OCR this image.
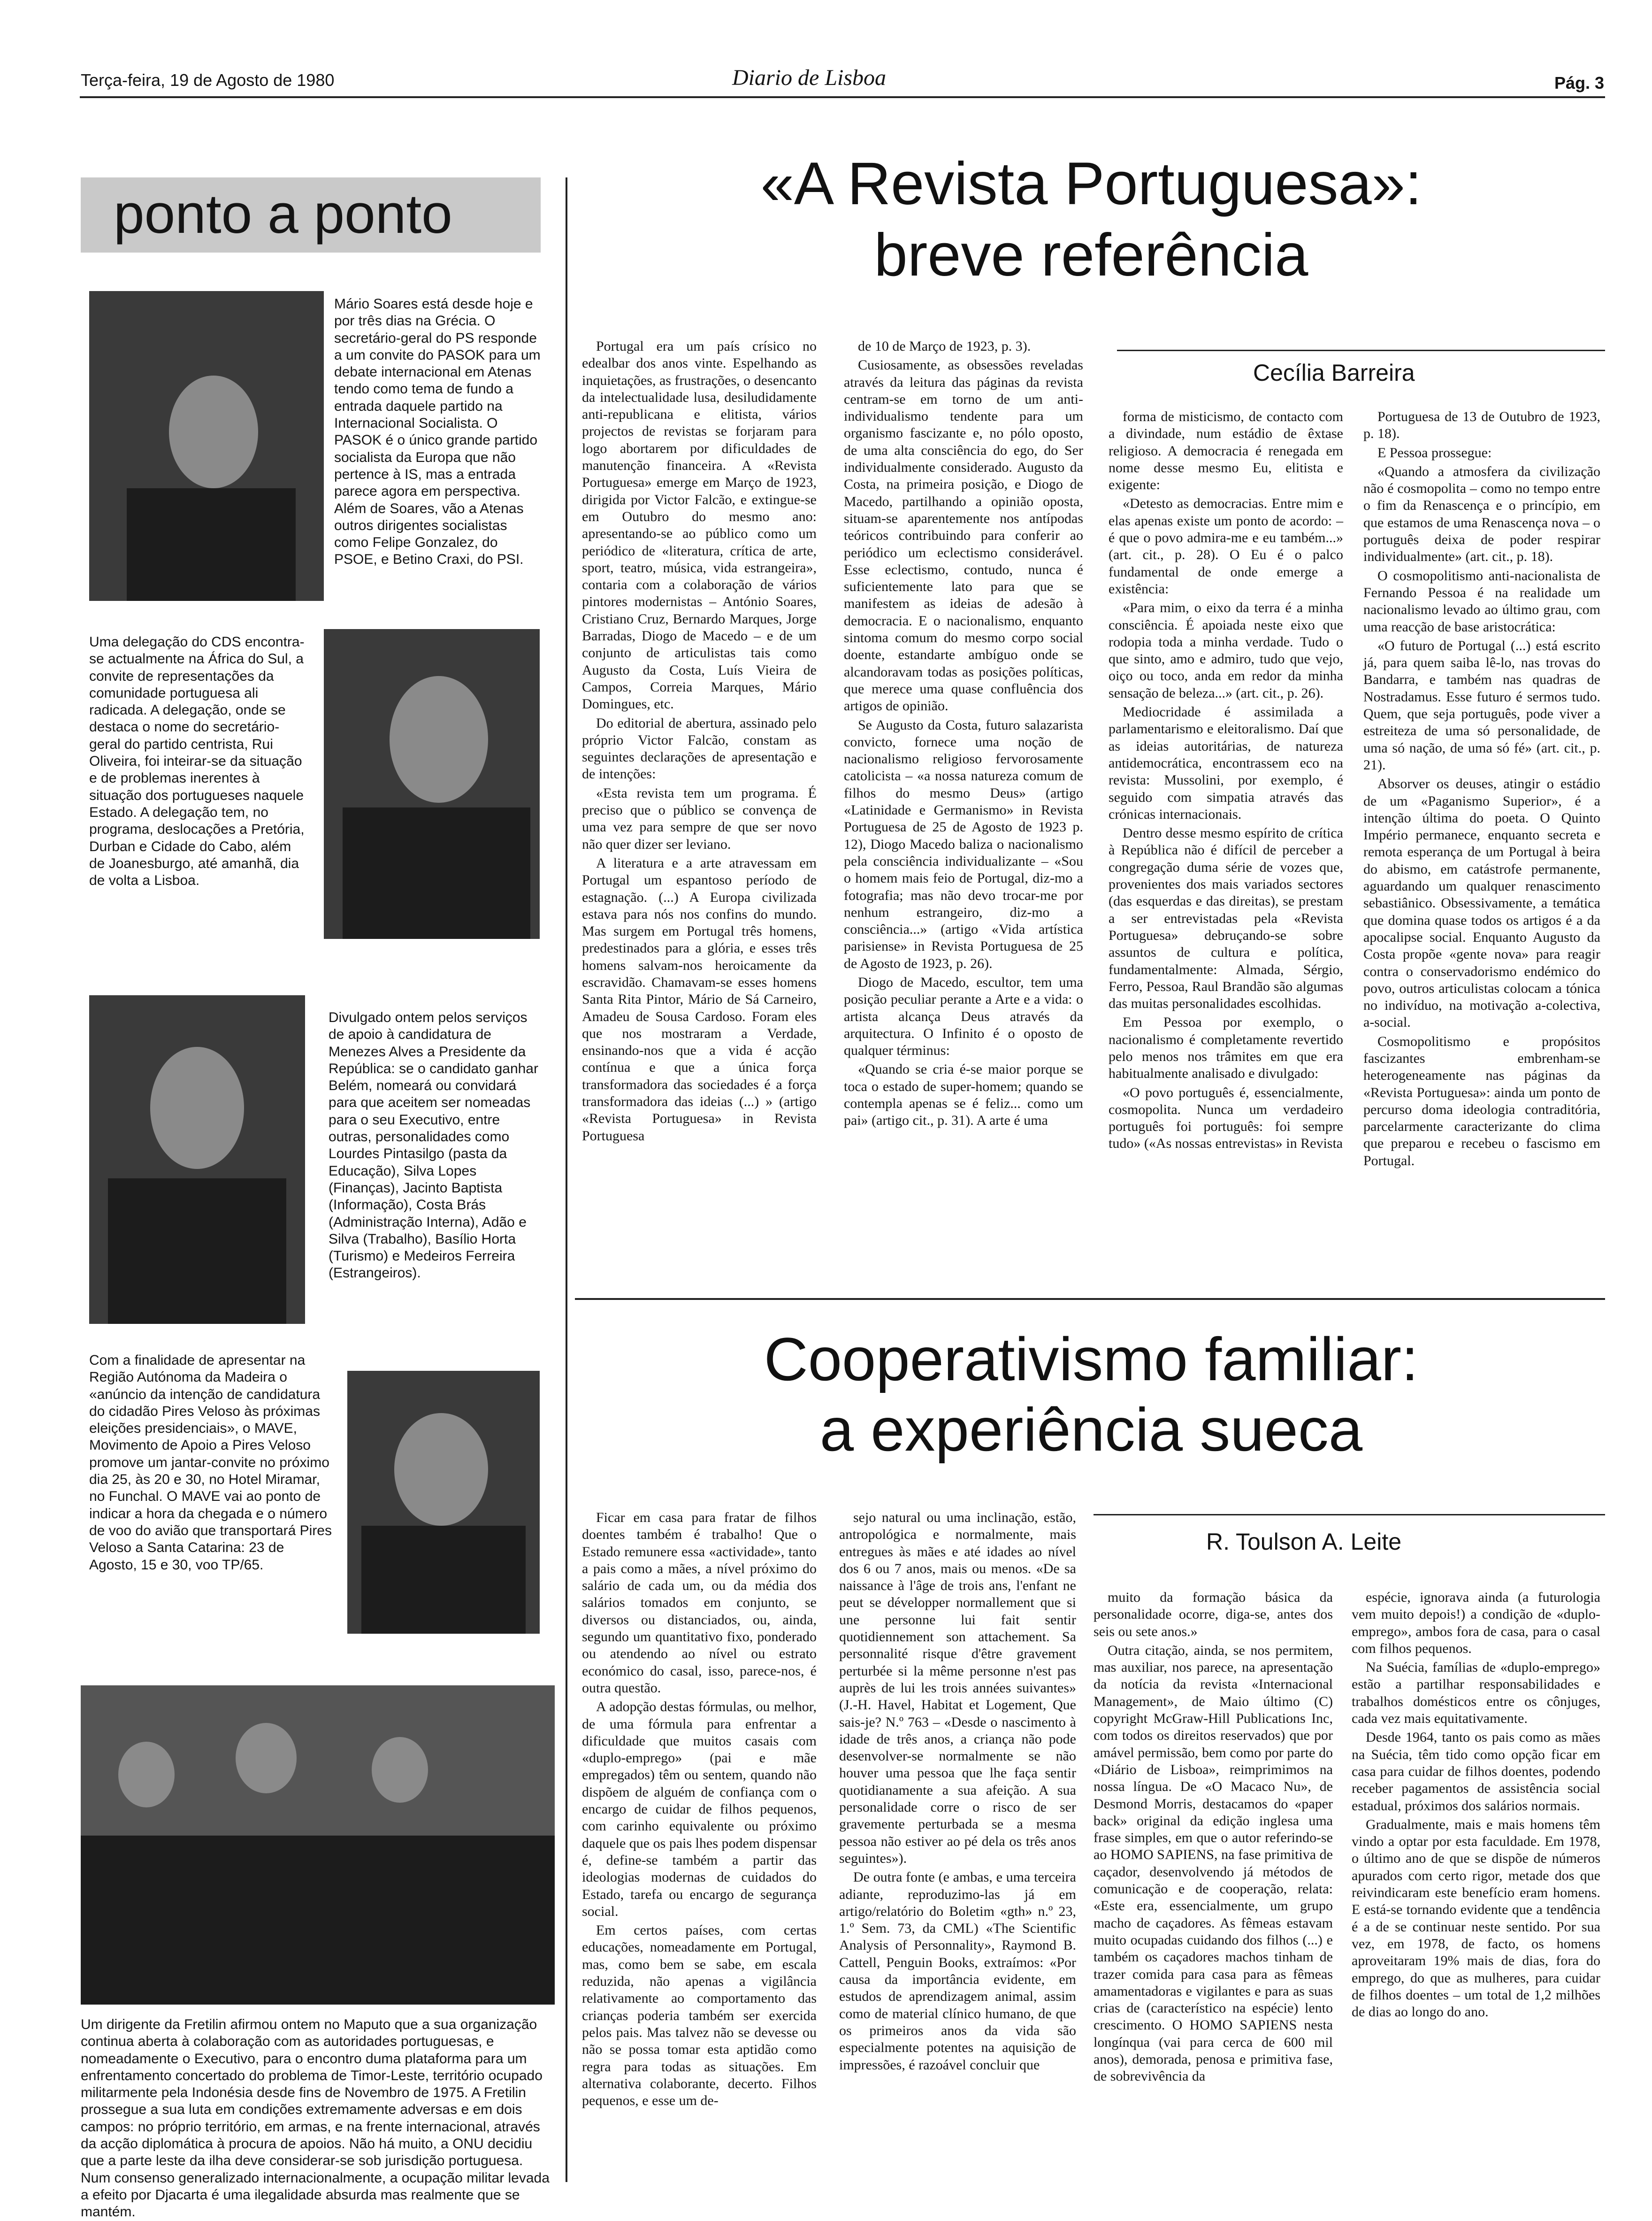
Terça-feira, 19 de Agosto de 1980	Diario de Lisboa	Pág. 3
ponto a ponto
Mário Soares está desde hoje e por três dias na Grécia. O secretário-geral do PS responde a um convite do PASOK para um debate internacional em Atenas tendo como tema de fundo a entrada daquele partido na Internacional Socialista. O PASOK é o único grande partido socialista da Europa que não pertence à IS, mas a entrada parece agora em perspectiva. Além de Soares, vão a Atenas outros dirigentes socialistas como Felipe Gonzalez, do PSOE, e Betino Craxi, do PSI.
Uma delegação do CDS encontra-se actualmente na África do Sul, a convite de representações da comunidade portuguesa ali radicada. A delegação, onde se destaca o nome do secretário-geral do partido centrista, Rui Oliveira, foi inteirar-se da situação e de problemas inerentes à situação dos portugueses naquele Estado. A delegação tem, no programa, deslocações a Pretória, Durban e Cidade do Cabo, além de Joanesburgo, até amanhã, dia de volta a Lisboa.
Divulgado ontem pelos serviços de apoio à candidatura de Menezes Alves a Presidente da República: se o candidato ganhar Belém, nomeará ou convidará para que aceitem ser nomeadas para o seu Executivo, entre outras, personalidades como Lourdes Pintasilgo (pasta da Educação), Silva Lopes (Finanças), Jacinto Baptista (Informação), Costa Brás (Administração Interna), Adão e Silva (Trabalho), Basílio Horta (Turismo) e Medeiros Ferreira (Estrangeiros).
Com a finalidade de apresentar na Região Autónoma da Madeira o «anúncio da intenção de candidatura do cidadão Pires Veloso às próximas eleições presidenciais», o MAVE, Movimento de Apoio a Pires Veloso promove um jantar-convite no próximo dia 25, às 20 e 30, no Hotel Miramar, no Funchal. O MAVE vai ao ponto de indicar a hora da chegada e o número de voo do avião que transportará Pires Veloso a Santa Catarina: 23 de Agosto, 15 e 30, voo TP/65.
Um dirigente da Fretilin afirmou ontem no Maputo que a sua organização continua aberta à colaboração com as autoridades portuguesas, e nomeadamente o Executivo, para o encontro duma plataforma para um enfrentamento concertado do problema de Timor-Leste, território ocupado militarmente pela Indonésia desde fins de Novembro de 1975. A Fretilin prossegue a sua luta em condições extremamente adversas e em dois campos: no próprio território, em armas, e na frente internacional, através da acção diplomática à procura de apoios. Não há muito, a ONU decidiu que a parte leste da ilha deve considerar-se sob jurisdição portuguesa. Num consenso generalizado internacionalmente, a ocupação militar levada a efeito por Djacarta é uma ilegalidade absurda mas realmente que se mantém.
«A Revista Portuguesa»:
breve referência
Cecília Barreira

Portugal era um país crísico no edealbar dos anos vinte. Espelhando as inquietações, as frustrações, o desencanto da intelectualidade lusa, desiludidamente anti-republicana e elitista, vários projectos de revistas se forjaram para logo abortarem por dificuldades de manutenção financeira. A «Revista Portuguesa» emerge em Março de 1923, dirigida por Victor Falcão, e extingue-se em Outubro do mesmo ano: apresentando-se ao público como um periódico de «literatura, crítica de arte, sport, teatro, música, vida estrangeira», contaria com a colaboração de vários pintores modernistas – António Soares, Cristiano Cruz, Bernardo Marques, Jorge Barradas, Diogo de Macedo – e de um conjunto de articulistas tais como Augusto da Costa, Luís Vieira de Campos, Correia Marques, Mário Domingues, etc.

Do editorial de abertura, assinado pelo próprio Victor Falcão, constam as seguintes declarações de apresentação e de intenções:

«Esta revista tem um programa. É preciso que o público se convença de uma vez para sempre de que ser novo não quer dizer ser leviano.

A literatura e a arte atravessam em Portugal um espantoso período de estagnação. (...) A Europa civilizada estava para nós nos confins do mundo. Mas surgem em Portugal três homens, predestinados para a glória, e esses três homens salvam-nos heroicamente da escravidão. Chamavam-se esses homens Santa Rita Pintor, Mário de Sá Carneiro, Amadeu de Sousa Cardoso. Foram eles que nos mostraram a Verdade, ensinando-nos que a vida é acção contínua e que a única força transformadora das sociedades é a força transformadora das ideias (...) » (artigo «Revista Portuguesa» in Revista Portuguesa

de 10 de Março de 1923, p. 3).

Cusiosamente, as obsessões reveladas através da leitura das páginas da revista centram-se em torno de um anti-individualismo tendente para um organismo fascizante e, no pólo oposto, de uma alta consciência do ego, do Ser individualmente considerado. Augusto da Costa, na primeira posição, e Diogo de Macedo, partilhando a opinião oposta, situam-se aparentemente nos antípodas teóricos contribuindo para conferir ao periódico um eclectismo considerável. Esse eclectismo, contudo, nunca é suficientemente lato para que se manifestem as ideias de adesão à democracia. E o nacionalismo, enquanto sintoma comum do mesmo corpo social doente, estandarte ambíguo onde se alcandoravam todas as posições políticas, que merece uma quase confluência dos artigos de opinião.

Se Augusto da Costa, futuro salazarista convicto, fornece uma noção de nacionalismo religioso fervorosamente catolicista – «a nossa natureza comum de filhos do mesmo Deus» (artigo «Latinidade e Germanismo» in Revista Portuguesa de 25 de Agosto de 1923 p. 12), Diogo Macedo baliza o nacionalismo pela consciência individualizante – «Sou o homem mais feio de Portugal, diz-mo a fotografia; mas não devo trocar-me por nenhum estrangeiro, diz-mo a consciência...» (artigo «Vida artística parisiense» in Revista Portuguesa de 25 de Agosto de 1923, p. 26).

Diogo de Macedo, escultor, tem uma posição peculiar perante a Arte e a vida: o artista alcança Deus através da arquitectura. O Infinito é o oposto de qualquer términus:

«Quando se cria é-se maior porque se toca o estado de super-homem; quando se contempla apenas se é feliz... como um pai» (artigo cit., p. 31). A arte é uma

forma de misticismo, de contacto com a divindade, num estádio de êxtase religioso. A democracia é renegada em nome desse mesmo Eu, elitista e exigente:

«Detesto as democracias. Entre mim e elas apenas existe um ponto de acordo: – é que o povo admira-me e eu também...» (art. cit., p. 28). O Eu é o palco fundamental de onde emerge a existência:

«Para mim, o eixo da terra é a minha consciência. É apoiada neste eixo que rodopia toda a minha verdade. Tudo o que sinto, amo e admiro, tudo que vejo, oiço ou toco, anda em redor da minha sensação de beleza...» (art. cit., p. 26).

Mediocridade é assimilada a parlamentarismo e eleitoralismo. Daí que as ideias autoritárias, de natureza antidemocrática, encontrassem eco na revista: Mussolini, por exemplo, é seguido com simpatia através das crónicas internacionais.

Dentro desse mesmo espírito de crítica à República não é difícil de perceber a congregação duma série de vozes que, provenientes dos mais variados sectores (das esquerdas e das direitas), se prestam a ser entrevistadas pela «Revista Portuguesa» debruçando-se sobre assuntos de cultura e política, fundamentalmente: Almada, Sérgio, Ferro, Pessoa, Raul Brandão são algumas das muitas personalidades escolhidas.

Em Pessoa por exemplo, o nacionalismo é completamente revertido pelo menos nos trâmites em que era habitualmente analisado e divulgado:

«O povo português é, essencialmente, cosmopolita. Nunca um verdadeiro português foi português: foi sempre tudo» («As nossas entrevistas» in Revista

Portuguesa de 13 de Outubro de 1923, p. 18).

E Pessoa prossegue:

«Quando a atmosfera da civilização não é cosmopolita – como no tempo entre o fim da Renascença e o princípio, em que estamos de uma Renascença nova – o português deixa de poder respirar individualmente» (art. cit., p. 18).

O cosmopolitismo anti-nacionalista de Fernando Pessoa é na realidade um nacionalismo levado ao último grau, com uma reacção de base aristocrática:

«O futuro de Portugal (...) está escrito já, para quem saiba lê-lo, nas trovas do Bandarra, e também nas quadras de Nostradamus. Esse futuro é sermos tudo. Quem, que seja português, pode viver a estreiteza de uma só personalidade, de uma só nação, de uma só fé» (art. cit., p. 21).

Absorver os deuses, atingir o estádio de um «Paganismo Superior», é a intenção última do poeta. O Quinto Império permanece, enquanto secreta e remota esperança de um Portugal à beira do abismo, em catástrofe permanente, aguardando um qualquer renascimento sebastiânico. Obsessivamente, a temática que domina quase todos os artigos é a da apocalipse social. Enquanto Augusto da Costa propõe «gente nova» para reagir contra o conservadorismo endémico do povo, outros articulistas colocam a tónica no indivíduo, na motivação a-colectiva, a-social.

Cosmopolitismo e propósitos fascizantes embrenham-se heterogeneamente nas páginas da «Revista Portuguesa»: ainda um ponto de percurso doma ideologia contraditória, parcelarmente caracterizante do clima que preparou e recebeu o fascismo em Portugal.

Cooperativismo familiar:
a experiência sueca
R. Toulson A. Leite

Ficar em casa para fratar de filhos doentes também é trabalho! Que o Estado remunere essa «actividade», tanto a pais como a mães, a nível próximo do salário de cada um, ou da média dos salários tomados em conjunto, se diversos ou distanciados, ou, ainda, segundo um quantitativo fixo, ponderado ou atendendo ao nível ou estrato económico do casal, isso, parece-nos, é outra questão.

A adopção destas fórmulas, ou melhor, de uma fórmula para enfrentar a dificuldade que muitos casais com «duplo-emprego» (pai e mãe empregados) têm ou sentem, quando não dispõem de alguém de confiança com o encargo de cuidar de filhos pequenos, com carinho equivalente ou próximo daquele que os pais lhes podem dispensar é, define-se também a partir das ideologias modernas de cuidados do Estado, tarefa ou encargo de segurança social.

Em certos países, com certas educações, nomeadamente em Portugal, mas, como bem se sabe, em escala reduzida, não apenas a vigilância relativamente ao comportamento das crianças poderia também ser exercida pelos pais. Mas talvez não se devesse ou não se possa tomar esta aptidão como regra para todas as situações. Em alternativa colaborante, decerto. Filhos pequenos, e esse um de-

sejo natural ou uma inclinação, estão, antropológica e normalmente, mais entregues às mães e até idades ao nível dos 6 ou 7 anos, mais ou menos. «De sa naissance à l'âge de trois ans, l'enfant ne peut se développer normallement que si une personne lui fait sentir quotidiennement son attachement. Sa personnalité risque d'être gravement perturbée si la même personne n'est pas auprès de lui les trois années suivantes» (J.-H. Havel, Habitat et Logement, Que sais-je? N.º 763 – «Desde o nascimento à idade de três anos, a criança não pode desenvolver-se normalmente se não houver uma pessoa que lhe faça sentir quotidianamente a sua afeição. A sua personalidade corre o risco de ser gravemente perturbada se a mesma pessoa não estiver ao pé dela os três anos seguintes»).

De outra fonte (e ambas, e uma terceira adiante, reproduzimo-las já em artigo/relatório do Boletim «gth» n.º 23, 1.º Sem. 73, da CML) «The Scientific Analysis of Personnality», Raymond B. Cattell, Penguin Books, extraímos: «Por causa da importância evidente, em estudos de aprendizagem animal, assim como de material clínico humano, de que os primeiros anos da vida são especialmente potentes na aquisição de impressões, é razoável concluir que

muito da formação básica da personalidade ocorre, diga-se, antes dos seis ou sete anos.»

Outra citação, ainda, se nos permitem, mas auxiliar, nos parece, na apresentação da notícia da revista «Internacional Management», de Maio último (C) copyright McGraw-Hill Publications Inc, com todos os direitos reservados) que por amável permissão, bem como por parte do «Diário de Lisboa», reimprimimos na nossa língua. De «O Macaco Nu», de Desmond Morris, destacamos do «paper back» original da edição inglesa uma frase simples, em que o autor referindo-se ao HOMO SAPIENS, na fase primitiva de caçador, desenvolvendo já métodos de comunicação e de cooperação, relata: «Este era, essencialmente, um grupo macho de caçadores. As fêmeas estavam muito ocupadas cuidando dos filhos (...) e também os caçadores machos tinham de trazer comida para casa para as fêmeas amamentadoras e vigilantes e para as suas crias de (característico na espécie) lento crescimento. O HOMO SAPIENS nesta longínqua (vai para cerca de 600 mil anos), demorada, penosa e primitiva fase, de sobrevivência da

espécie, ignorava ainda (a futurologia vem muito depois!) a condição de «duplo-emprego», ambos fora de casa, para o casal com filhos pequenos.

Na Suécia, famílias de «duplo-emprego» estão a partilhar responsabilidades e trabalhos domésticos entre os cônjuges, cada vez mais equitativamente.

Desde 1964, tanto os pais como as mães na Suécia, têm tido como opção ficar em casa para cuidar de filhos doentes, podendo receber pagamentos de assistência social estadual, próximos dos salários normais.

Gradualmente, mais e mais homens têm vindo a optar por esta faculdade. Em 1978, o último ano de que se dispõe de números apurados com certo rigor, metade dos que reivindicaram este benefício eram homens. E está-se tornando evidente que a tendência é a de se continuar neste sentido. Por sua vez, em 1978, de facto, os homens aproveitaram 19% mais de dias, fora do emprego, do que as mulheres, para cuidar de filhos doentes – um total de 1,2 milhões de dias ao longo do ano.
